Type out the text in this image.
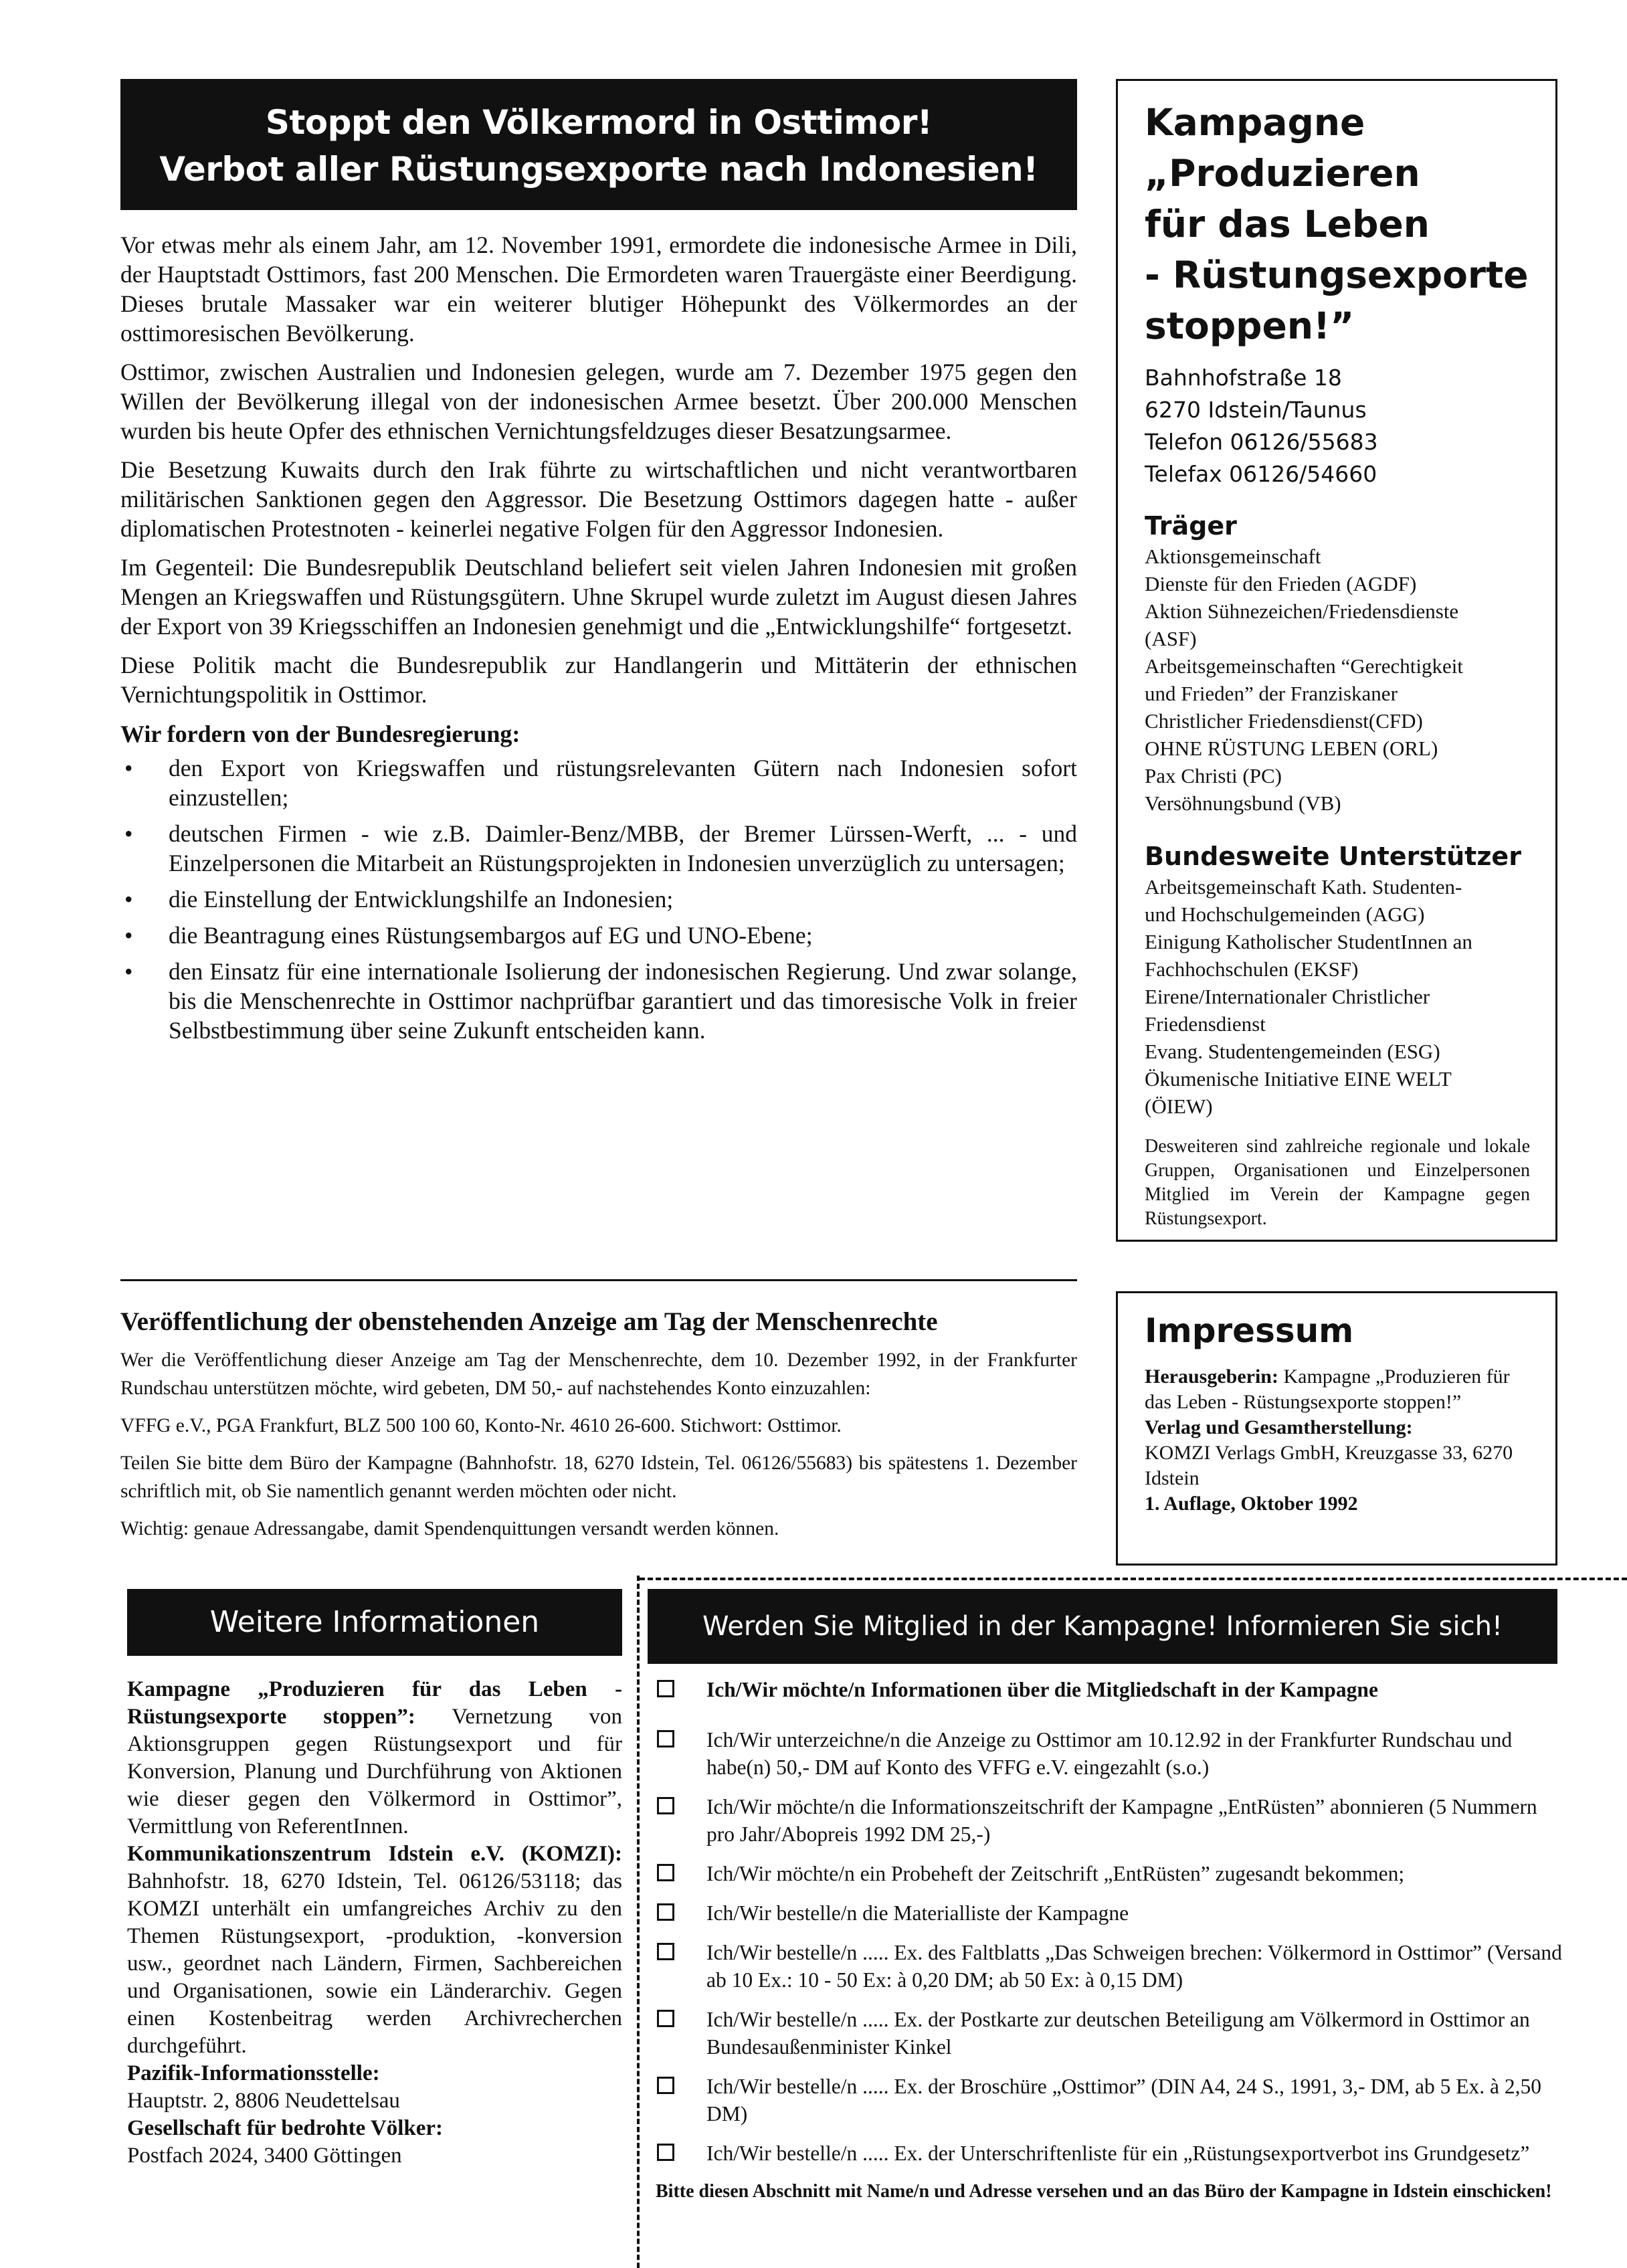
Stoppt den Völkermord in Osttimor!
Verbot aller Rüstungsexporte nach Indonesien!

Vor etwas mehr als einem Jahr, am 12. November 1991, ermordete die indonesische Armee in Dili, der Hauptstadt Osttimors, fast 200 Menschen. Die Ermordeten waren Trauergäste einer Beerdigung. Dieses brutale Massaker war ein weiterer blutiger Höhepunkt des Völkermordes an der osttimoresischen Bevölkerung.

Osttimor, zwischen Australien und Indonesien gelegen, wurde am 7. Dezember 1975 gegen den Willen der Bevölkerung illegal von der indonesischen Armee besetzt. Über 200.000 Menschen wurden bis heute Opfer des ethnischen Vernichtungsfeldzuges dieser Besatzungsarmee.

Die Besetzung Kuwaits durch den Irak führte zu wirtschaftlichen und nicht verantwortbaren militärischen Sanktionen gegen den Aggressor. Die Besetzung Osttimors dagegen hatte - außer diplomatischen Protestnoten - keinerlei negative Folgen für den Aggressor Indonesien.

Im Gegenteil: Die Bundesrepublik Deutschland beliefert seit vielen Jahren Indonesien mit großen Mengen an Kriegswaffen und Rüstungsgütern. Uhne Skrupel wurde zuletzt im August diesen Jahres der Export von 39 Kriegsschiffen an Indonesien genehmigt und die „Entwicklungshilfe“ fortgesetzt.

Diese Politik macht die Bundesrepublik zur Handlangerin und Mittäterin der ethnischen Vernichtungspolitik in Osttimor.

Wir fordern von der Bundesregierung:
• den Export von Kriegswaffen und rüstungsrelevanten Gütern nach Indonesien sofort einzustellen;
• deutschen Firmen - wie z.B. Daimler-Benz/MBB, der Bremer Lürssen-Werft, ... - und Einzelpersonen die Mitarbeit an Rüstungsprojekten in Indonesien unverzüglich zu untersagen;
• die Einstellung der Entwicklungshilfe an Indonesien;
• die Beantragung eines Rüstungsembargos auf EG und UNO-Ebene;
• den Einsatz für eine internationale Isolierung der indonesischen Regierung. Und zwar solange, bis die Menschenrechte in Osttimor nachprüfbar garantiert und das timoresische Volk in freier Selbstbestimmung über seine Zukunft entscheiden kann.
Kampagne
„Produzieren
für das Leben
- Rüstungsexporte
stoppen!”
Bahnhofstraße 18
6270 Idstein/Taunus
Telefon 06126/55683
Telefax 06126/54660
Träger
Aktionsgemeinschaft
Dienste für den Frieden (AGDF)
Aktion Sühnezeichen/Friedensdienste
(ASF)
Arbeitsgemeinschaften “Gerechtigkeit
und Frieden” der Franziskaner
Christlicher Friedensdienst(CFD)
OHNE RÜSTUNG LEBEN (ORL)
Pax Christi (PC)
Versöhnungsbund (VB)
Bundesweite Unterstützer
Arbeitsgemeinschaft Kath. Studenten-
und Hochschulgemeinden (AGG)
Einigung Katholischer StudentInnen an
Fachhochschulen (EKSF)
Eirene/Internationaler Christlicher
Friedensdienst
Evang. Studentengemeinden (ESG)
Ökumenische Initiative EINE WELT
(ÖIEW)
Desweiteren sind zahlreiche regionale und lokale Gruppen, Organisationen und Einzelpersonen Mitglied im Verein der Kampagne gegen Rüstungsexport.
Veröffentlichung der obenstehenden Anzeige am Tag der Menschenrechte

Wer die Veröffentlichung dieser Anzeige am Tag der Menschenrechte, dem 10. Dezember 1992, in der Frankfurter Rundschau unterstützen möchte, wird gebeten, DM 50,- auf nachstehendes Konto einzuzahlen:

VFFG e.V., PGA Frankfurt, BLZ 500 100 60, Konto-Nr. 4610 26-600. Stichwort: Osttimor.

Teilen Sie bitte dem Büro der Kampagne (Bahnhofstr. 18, 6270 Idstein, Tel. 06126/55683) bis spätestens 1. Dezember schriftlich mit, ob Sie namentlich genannt werden möchten oder nicht.

Wichtig: genaue Adressangabe, damit Spendenquittungen versandt werden können.

Impressum
Herausgeberin: Kampagne „Produzieren für das Leben - Rüstungsexporte stoppen!”
Verlag und Gesamtherstellung:
KOMZI Verlags GmbH, Kreuzgasse 33, 6270 Idstein
1. Auflage, Oktober 1992
Weitere Informationen

Kampagne „Produzieren für das Leben - Rüstungsexporte stoppen”: Vernetzung von Aktionsgruppen gegen Rüstungsexport und für Konversion, Planung und Durchführung von Aktionen wie dieser gegen den Völkermord in Osttimor”, Vermittlung von ReferentInnen.

Kommunikationszentrum Idstein e.V. (KOMZI): Bahnhofstr. 18, 6270 Idstein, Tel. 06126/53118; das KOMZI unterhält ein umfangreiches Archiv zu den Themen Rüstungsexport, -produktion, -konversion usw., geordnet nach Ländern, Firmen, Sachbereichen und Organisationen, sowie ein Länderarchiv. Gegen einen Kostenbeitrag werden Archivrecherchen durchgeführt.

Pazifik-Informationsstelle:
Hauptstr. 2, 8806 Neudettelsau

Gesellschaft für bedrohte Völker:
Postfach 2024, 3400 Göttingen

Werden Sie Mitglied in der Kampagne! Informieren Sie sich!
Ich/Wir möchte/n Informationen über die Mitgliedschaft in der Kampagne
Ich/Wir unterzeichne/n die Anzeige zu Osttimor am 10.12.92 in der Frankfurter Rundschau und habe(n) 50,- DM auf Konto des VFFG e.V. eingezahlt (s.o.)
Ich/Wir möchte/n die Informationszeitschrift der Kampagne „EntRüsten” abonnieren (5 Nummern pro Jahr/Abopreis 1992 DM 25,-)
Ich/Wir möchte/n ein Probeheft der Zeitschrift „EntRüsten” zugesandt bekommen;
Ich/Wir bestelle/n die Materialliste der Kampagne
Ich/Wir bestelle/n ..... Ex. des Faltblatts „Das Schweigen brechen: Völkermord in Osttimor” (Versand ab 10 Ex.: 10 - 50 Ex: à 0,20 DM; ab 50 Ex: à 0,15 DM)
Ich/Wir bestelle/n ..... Ex. der Postkarte zur deutschen Beteiligung am Völkermord in Osttimor an Bundesaußenminister Kinkel
Ich/Wir bestelle/n ..... Ex. der Broschüre „Osttimor” (DIN A4, 24 S., 1991, 3,- DM, ab 5 Ex. à 2,50 DM)
Ich/Wir bestelle/n ..... Ex. der Unterschriftenliste für ein „Rüstungsexportverbot ins Grundgesetz”
Bitte diesen Abschnitt mit Name/n und Adresse versehen und an das Büro der Kampagne in Idstein einschicken!
